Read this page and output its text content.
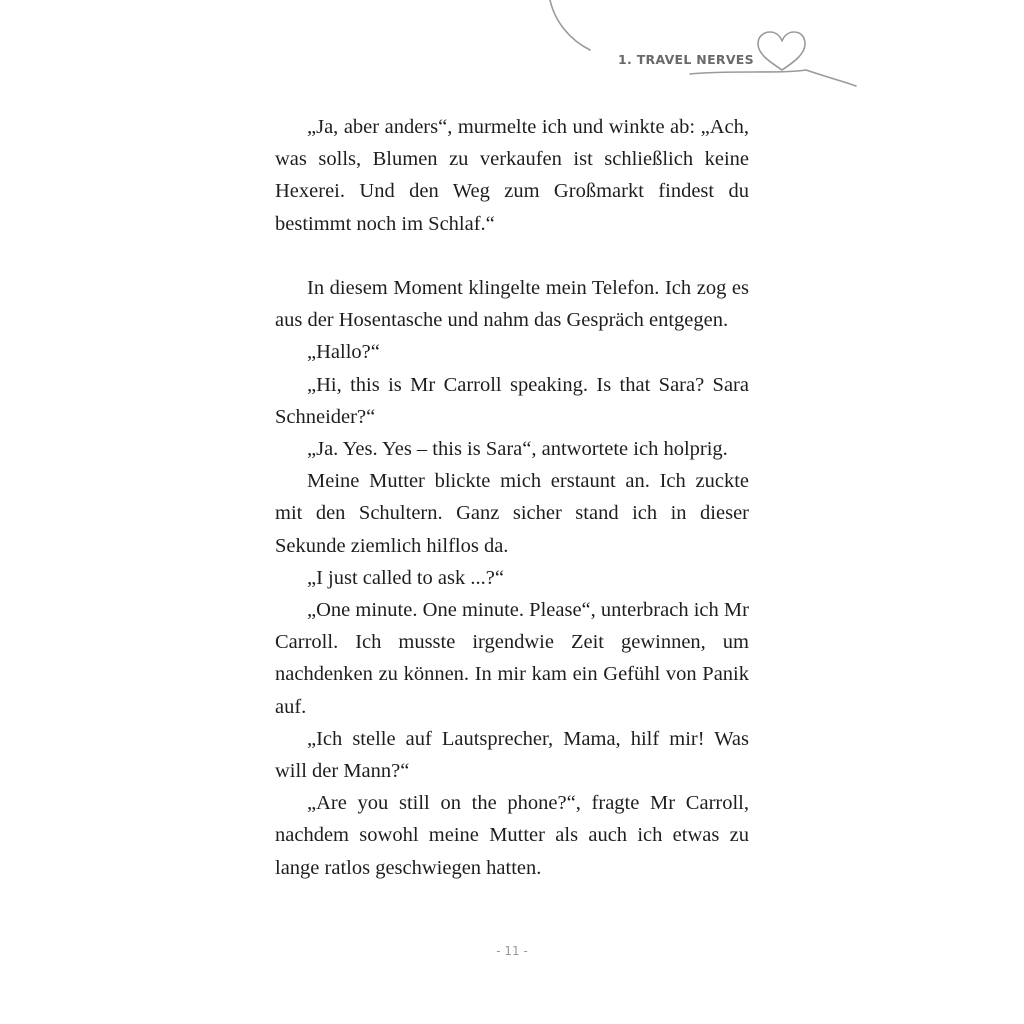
1. TRAVEL NERVES

„Ja, aber anders“, murmelte ich und winkte ab: „Ach, was solls, Blumen zu verkaufen ist schließlich keine Hexerei. Und den Weg zum Großmarkt findest du bestimmt noch im Schlaf.“

In diesem Moment klingelte mein Telefon. Ich zog es aus der Hosentasche und nahm das Gespräch entgegen.

„Hallo?“

„Hi, this is Mr Carroll speaking. Is that Sara? Sara Schneider?“

„Ja. Yes. Yes – this is Sara“, antwortete ich holprig.

Meine Mutter blickte mich erstaunt an. Ich zuckte mit den Schultern. Ganz sicher stand ich in dieser Sekunde ziemlich hilflos da.

„I just called to ask ...?“

„One minute. One minute. Please“, unterbrach ich Mr Carroll. Ich musste irgendwie Zeit gewinnen, um nachdenken zu können. In mir kam ein Gefühl von Panik auf.

„Ich stelle auf Lautsprecher, Mama, hilf mir! Was will der Mann?“

„Are you still on the phone?“, fragte Mr Carroll, nachdem sowohl meine Mutter als auch ich etwas zu lange ratlos geschwiegen hatten.

- 11 -
